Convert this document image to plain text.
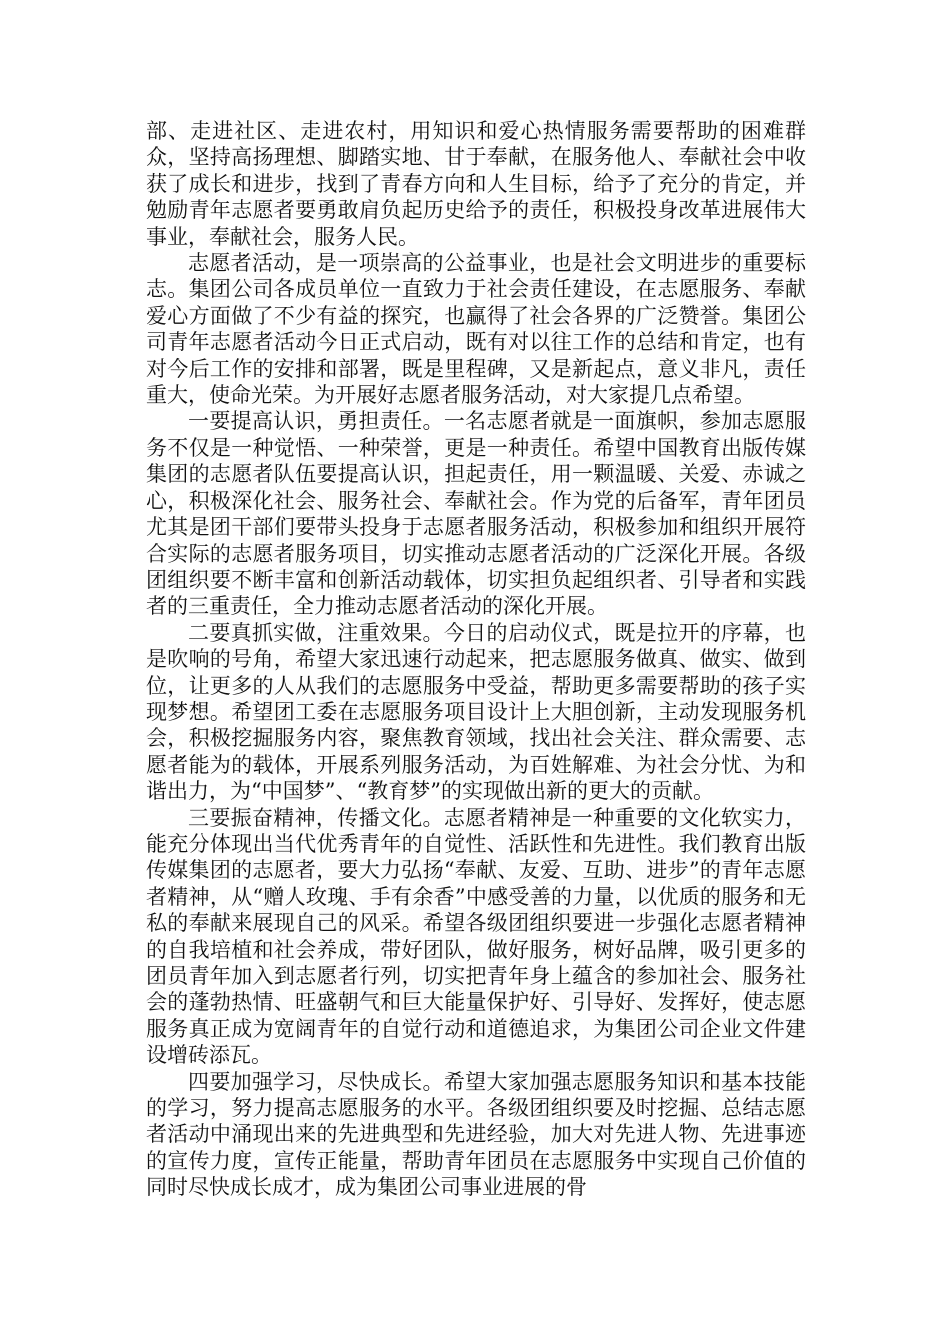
部、走进社区、走进农村，用知识和爱心热情服务需要帮助的困难群众，坚持高扬理想、脚踏实地、甘于奉献，在服务他人、奉献社会中收获了成长和进步，找到了青春方向和人生目标，给予了充分的肯定，并勉励青年志愿者要勇敢肩负起历史给予的责任，积极投身改革进展伟大事业，奉献社会，服务人民。

志愿者活动，是一项崇高的公益事业，也是社会文明进步的重要标志。集团公司各成员单位一直致力于社会责任建设，在志愿服务、奉献爱心方面做了不少有益的探究，也赢得了社会各界的广泛赞誉。集团公司青年志愿者活动今日正式启动，既有对以往工作的总结和肯定，也有对今后工作的安排和部署，既是里程碑，又是新起点，意义非凡，责任重大，使命光荣。为开展好志愿者服务活动，对大家提几点希望。

一要提高认识，勇担责任。一名志愿者就是一面旗帜，参加志愿服务不仅是一种觉悟、一种荣誉，更是一种责任。希望中国教育出版传媒集团的志愿者队伍要提高认识，担起责任，用一颗温暖、关爱、赤诚之心，积极深化社会、服务社会、奉献社会。作为党的后备军，青年团员尤其是团干部们要带头投身于志愿者服务活动，积极参加和组织开展符合实际的志愿者服务项目，切实推动志愿者活动的广泛深化开展。各级团组织要不断丰富和创新活动载体，切实担负起组织者、引导者和实践者的三重责任，全力推动志愿者活动的深化开展。

二要真抓实做，注重效果。今日的启动仪式，既是拉开的序幕，也是吹响的号角，希望大家迅速行动起来，把志愿服务做真、做实、做到位，让更多的人从我们的志愿服务中受益，帮助更多需要帮助的孩子实现梦想。希望团工委在志愿服务项目设计上大胆创新，主动发现服务机会，积极挖掘服务内容，聚焦教育领域，找出社会关注、群众需要、志愿者能为的载体，开展系列服务活动，为百姓解难、为社会分忧、为和谐出力，为“中国梦”、“教育梦”的实现做出新的更大的贡献。

三要振奋精神，传播文化。志愿者精神是一种重要的文化软实力，能充分体现出当代优秀青年的自觉性、活跃性和先进性。我们教育出版传媒集团的志愿者，要大力弘扬“奉献、友爱、互助、进步”的青年志愿者精神，从“赠人玫瑰、手有余香”中感受善的力量，以优质的服务和无私的奉献来展现自己的风采。希望各级团组织要进一步强化志愿者精神的自我培植和社会养成，带好团队，做好服务，树好品牌，吸引更多的团员青年加入到志愿者行列，切实把青年身上蕴含的参加社会、服务社会的蓬勃热情、旺盛朝气和巨大能量保护好、引导好、发挥好，使志愿服务真正成为宽阔青年的自觉行动和道德追求，为集团公司企业文件建设增砖添瓦。

四要加强学习，尽快成长。希望大家加强志愿服务知识和基本技能的学习，努力提高志愿服务的水平。各级团组织要及时挖掘、总结志愿者活动中涌现出来的先进典型和先进经验，加大对先进人物、先进事迹的宣传力度，宣传正能量，帮助青年团员在志愿服务中实现自己价值的同时尽快成长成才，成为集团公司事业进展的骨
